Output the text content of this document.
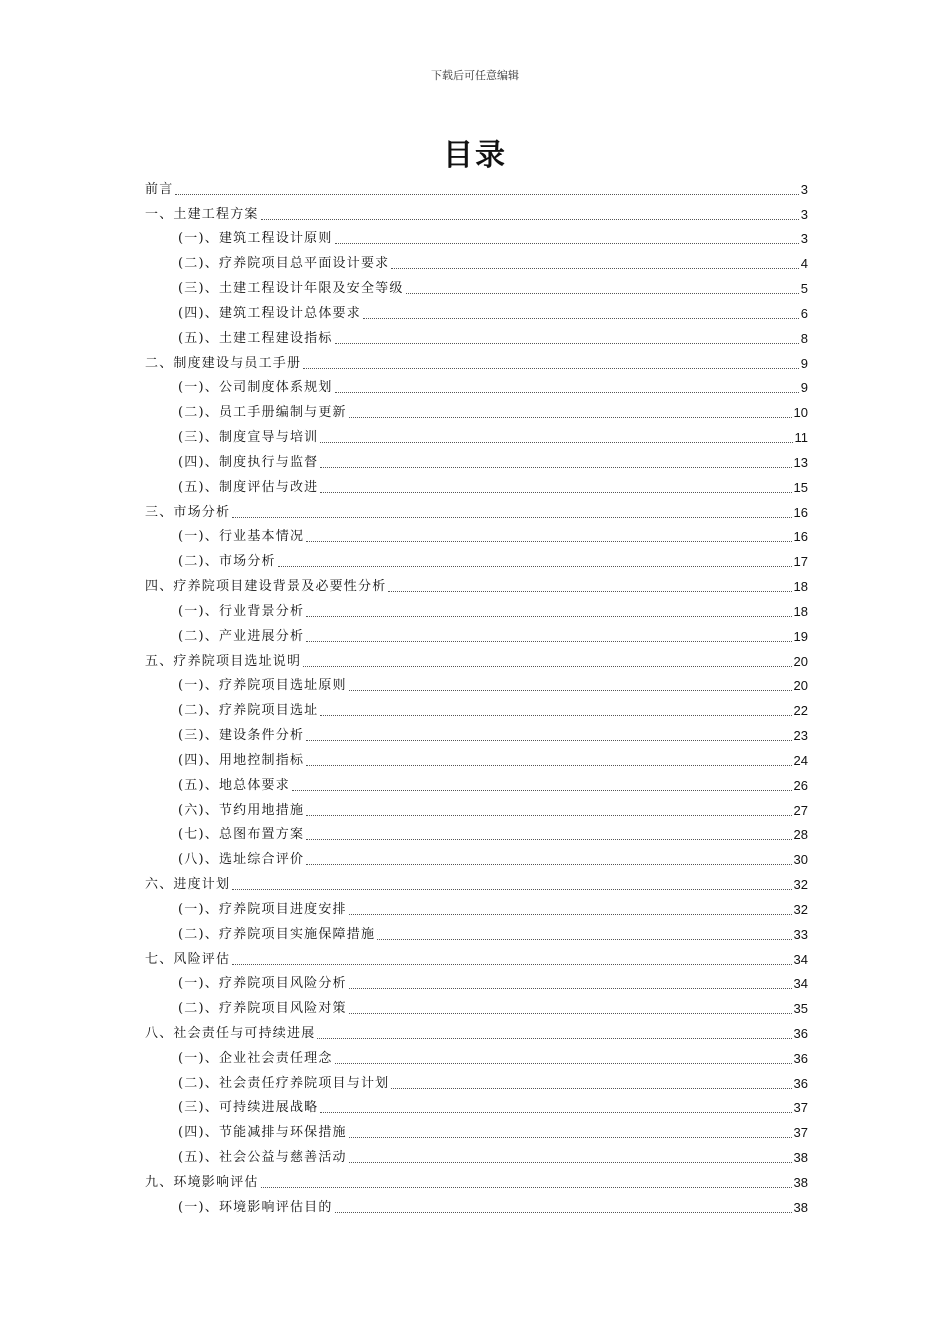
下载后可任意编辑
目录
前言	3
一、土建工程方案	3
(一)、建筑工程设计原则	3
(二)、疗养院项目总平面设计要求	4
(三)、土建工程设计年限及安全等级	5
(四)、建筑工程设计总体要求	6
(五)、土建工程建设指标	8
二、制度建设与员工手册	9
(一)、公司制度体系规划	9
(二)、员工手册编制与更新	10
(三)、制度宣导与培训	11
(四)、制度执行与监督	13
(五)、制度评估与改进	15
三、市场分析	16
(一)、行业基本情况	16
(二)、市场分析	17
四、疗养院项目建设背景及必要性分析	18
(一)、行业背景分析	18
(二)、产业进展分析	19
五、疗养院项目选址说明	20
(一)、疗养院项目选址原则	20
(二)、疗养院项目选址	22
(三)、建设条件分析	23
(四)、用地控制指标	24
(五)、地总体要求	26
(六)、节约用地措施	27
(七)、总图布置方案	28
(八)、选址综合评价	30
六、进度计划	32
(一)、疗养院项目进度安排	32
(二)、疗养院项目实施保障措施	33
七、风险评估	34
(一)、疗养院项目风险分析	34
(二)、疗养院项目风险对策	35
八、社会责任与可持续进展	36
(一)、企业社会责任理念	36
(二)、社会责任疗养院项目与计划	36
(三)、可持续进展战略	37
(四)、节能减排与环保措施	37
(五)、社会公益与慈善活动	38
九、环境影响评估	38
(一)、环境影响评估目的	38
